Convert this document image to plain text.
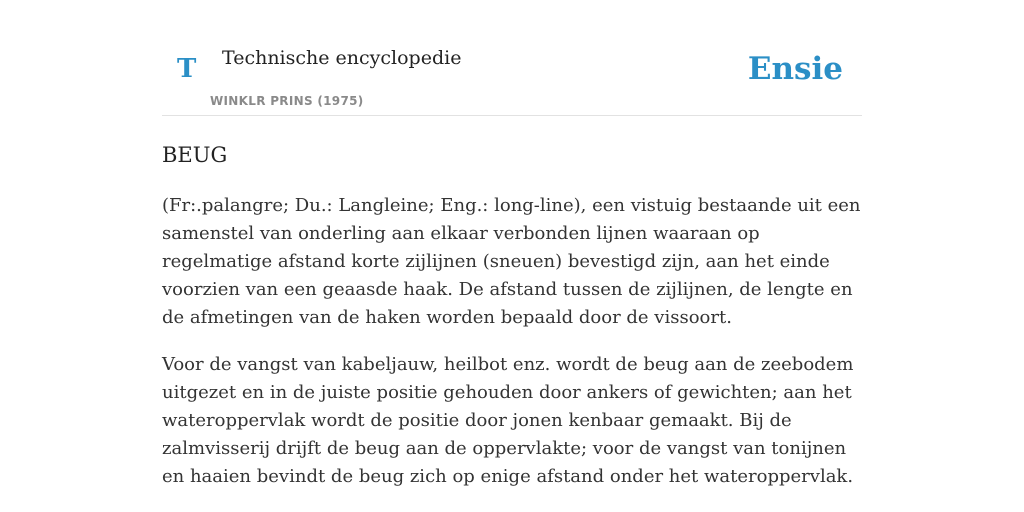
T Technische encyclopedie
WINKLR PRINS (1975)
Ensie
BEUG

(Fr:.palangre; Du.: Langleine; Eng.: long-line), een vistuig bestaande uit een samenstel van onderling aan elkaar verbonden lijnen waaraan op regelmatige afstand korte zijlijnen (sneuen) bevestigd zijn, aan het einde voorzien van een geaasde haak. De afstand tussen de zijlijnen, de lengte en de afmetingen van de haken worden bepaald door de vissoort.

Voor de vangst van kabeljauw, heilbot enz. wordt de beug aan de zeebodem uitgezet en in de juiste positie gehouden door ankers of gewichten; aan het wateroppervlak wordt de positie door jonen kenbaar gemaakt. Bij de zalmvisserij drijft de beug aan de oppervlakte; voor de vangst van tonijnen en haaien bevindt de beug zich op enige afstand onder het wateroppervlak.
